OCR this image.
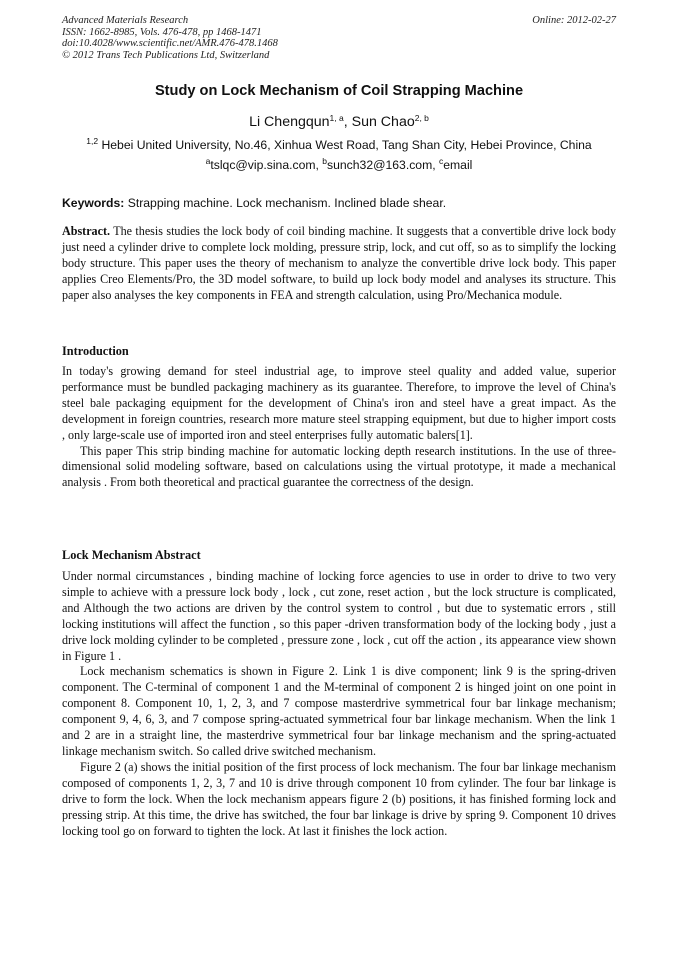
Advanced Materials Research
ISSN: 1662-8985, Vols. 476-478, pp 1468-1471
doi:10.4028/www.scientific.net/AMR.476-478.1468
© 2012 Trans Tech Publications Ltd, Switzerland
Online: 2012-02-27
Study on Lock Mechanism of Coil Strapping Machine
Li Chengqun$^{1, a}$, Sun Chao$^{2, b}$
$^{1,2}$ Hebei United University, No.46, Xinhua West Road, Tang Shan City, Hebei Province, China
$^a$tslqc@vip.sina.com, $^b$sunch32@163.com, $^c$email
Keywords: Strapping machine. Lock mechanism. Inclined blade shear.

Abstract. The thesis studies the lock body of coil binding machine. It suggests that a convertible drive lock body just need a cylinder drive to complete lock molding, pressure strip, lock, and cut off, so as to simplify the locking body structure. This paper uses the theory of mechanism to analyze the convertible drive lock body. This paper applies Creo Elements/Pro, the 3D model software, to build up lock body model and analyses its structure. This paper also analyses the key components in FEA and strength calculation, using Pro/Mechanica module.

Introduction

In today's growing demand for steel industrial age, to improve steel quality and added value, superior performance must be bundled packaging machinery as its guarantee. Therefore, to improve the level of China's steel bale packaging equipment for the development of China's iron and steel have a great impact. As the development in foreign countries, research more mature steel strapping equipment, but due to higher import costs , only large-scale use of imported iron and steel enterprises fully automatic balers[1].

This paper This strip binding machine for automatic locking depth research institutions. In the use of three-dimensional solid modeling software, based on calculations using the virtual prototype, it made a mechanical analysis . From both theoretical and practical guarantee the correctness of the design.

Lock Mechanism Abstract

Under normal circumstances , binding machine of locking force agencies to use in order to drive to two very simple to achieve with a pressure lock body , lock , cut zone, reset action , but the lock structure is complicated, and Although the two actions are driven by the control system to control , but due to systematic errors , still locking institutions will affect the function , so this paper -driven transformation body of the locking body , just a drive lock molding cylinder to be completed , pressure zone , lock , cut off the action , its appearance view shown in Figure 1 .

Lock mechanism schematics is shown in Figure 2. Link 1 is dive component; link 9 is the spring-driven component. The C-terminal of component 1 and the M-terminal of component 2 is hinged joint on one point in component 8. Component 10, 1, 2, 3, and 7 compose masterdrive symmetrical four bar linkage mechanism; component 9, 4, 6, 3, and 7 compose spring-actuated symmetrical four bar linkage mechanism. When the link 1 and 2 are in a straight line, the masterdrive symmetrical four bar linkage mechanism and the spring-actuated linkage mechanism switch. So called drive switched mechanism.

Figure 2 (a) shows the initial position of the first process of lock mechanism. The four bar linkage mechanism composed of components 1, 2, 3, 7 and 10 is drive through component 10 from cylinder. The four bar linkage is drive to form the lock. When the lock mechanism appears figure 2 (b) positions, it has finished forming lock and pressing strip. At this time, the drive has switched, the four bar linkage is drive by spring 9. Component 10 drives locking tool go on forward to tighten the lock. At last it finishes the lock action.
